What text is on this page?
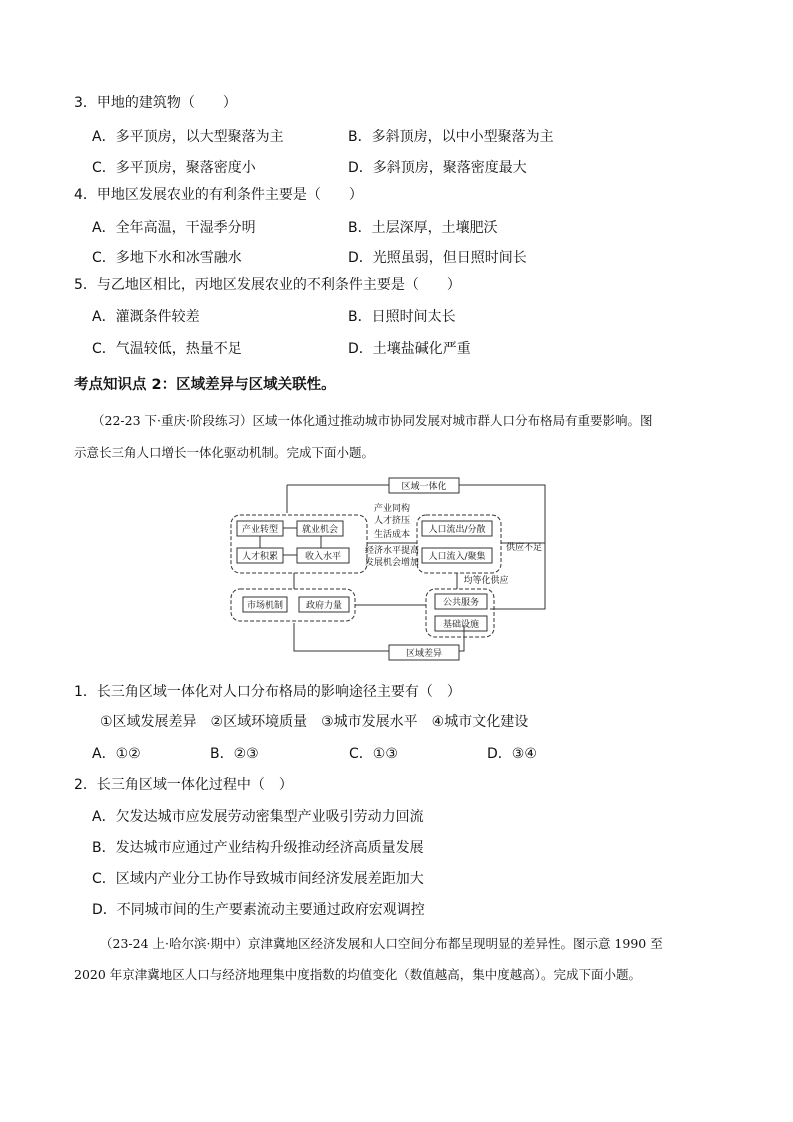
3．甲地的建筑物（　　）
A．多平顶房，以大型聚落为主	B．多斜顶房，以中小型聚落为主
C．多平顶房，聚落密度小	D．多斜顶房，聚落密度最大
4．甲地区发展农业的有利条件主要是（　　）
A．全年高温，干湿季分明	B．土层深厚，土壤肥沃
C．多地下水和冰雪融水	D．光照虽弱，但日照时间长
5．与乙地区相比，丙地区发展农业的不利条件主要是（　　）
A．灌溉条件较差	B．日照时间太长
C．气温较低，热量不足	D．土壤盐碱化严重
考点知识点 2：区域差异与区域关联性。
（22-23 下·重庆·阶段练习）区域一体化通过推动城市协同发展对城市群人口分布格局有重要影响。图
示意长三角人口增长一体化驱动机制。完成下面小题。
区域一体化
区域差异
产业转型	就业机会
人才积累	收入水平
产业同构
人才挤压
生活成本
经济水平提高
发展机会增加
人口流出/分散
人口流入/聚集
供应不足
均等化供应
市场机制	政府力量	公共服务
基础设施
1．长三角区域一体化对人口分布格局的影响途径主要有（　）
①区域发展差异　②区域环境质量　③城市发展水平　④城市文化建设
A．①②	B．②③	C．①③	D．③④
2．长三角区域一体化过程中（　）
A．欠发达城市应发展劳动密集型产业吸引劳动力回流
B．发达城市应通过产业结构升级推动经济高质量发展
C．区域内产业分工协作导致城市间经济发展差距加大
D．不同城市间的生产要素流动主要通过政府宏观调控
（23-24 上·哈尔滨·期中）京津冀地区经济发展和人口空间分布都呈现明显的差异性。图示意 1990 至
2020 年京津冀地区人口与经济地理集中度指数的均值变化（数值越高，集中度越高）。完成下面小题。
